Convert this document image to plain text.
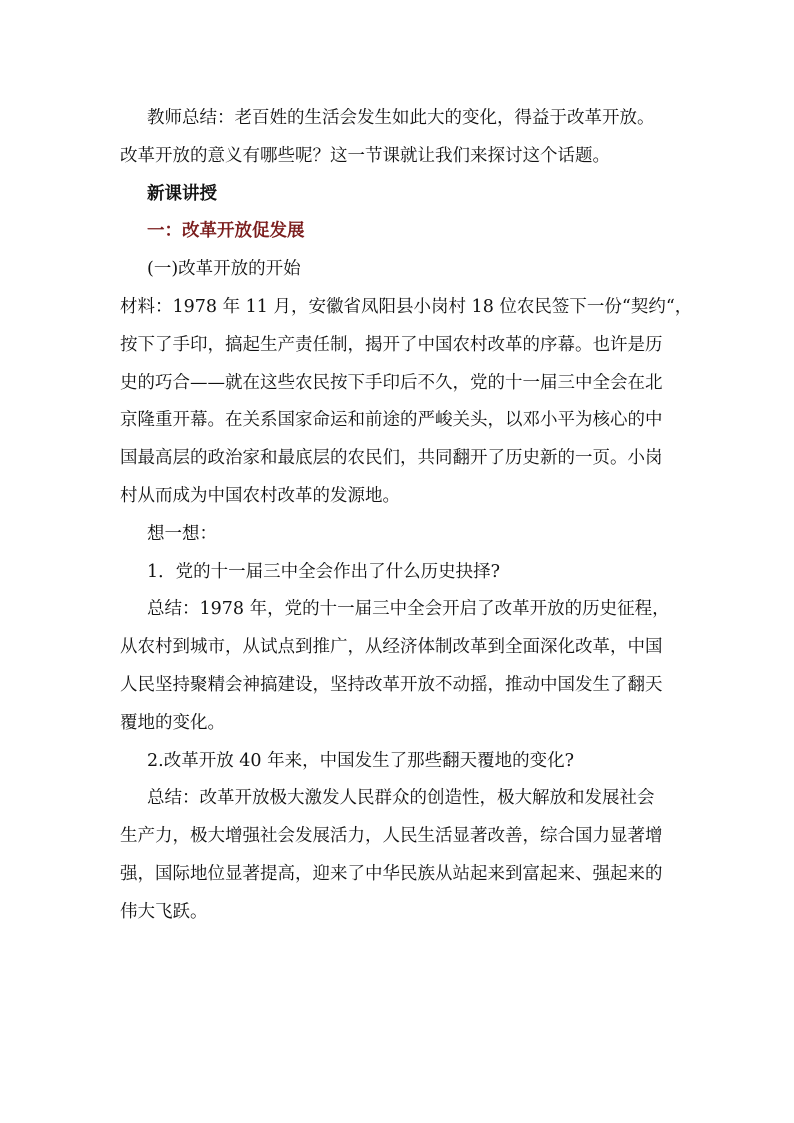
教师总结：老百姓的生活会发生如此大的变化，得益于改革开放。
改革开放的意义有哪些呢？这一节课就让我们来探讨这个话题。
新课讲授
一：改革开放促发展
(一)改革开放的开始
材料：1978 年 11 月，安徽省凤阳县小岗村 18 位农民签下一份“契约“，
按下了手印，搞起生产责任制，揭开了中国农村改革的序幕。也许是历
史的巧合——就在这些农民按下手印后不久，党的十一届三中全会在北
京隆重开幕。在关系国家命运和前途的严峻关头，以邓小平为核心的中
国最高层的政治家和最底层的农民们，共同翻开了历史新的一页。小岗
村从而成为中国农村改革的发源地。
想一想：
1．党的十一届三中全会作出了什么历史抉择?
总结：1978 年，党的十一届三中全会开启了改革开放的历史征程，
从农村到城市，从试点到推广，从经济体制改革到全面深化改革，中国
人民坚持聚精会神搞建设，坚持改革开放不动摇，推动中国发生了翻天
覆地的变化。
2.改革开放 40 年来，中国发生了那些翻天覆地的变化?
总结：改革开放极大激发人民群众的创造性，极大解放和发展社会
生产力，极大增强社会发展活力，人民生活显著改善，综合国力显著增
强，国际地位显著提高，迎来了中华民族从站起来到富起来、强起来的
伟大飞跃。
